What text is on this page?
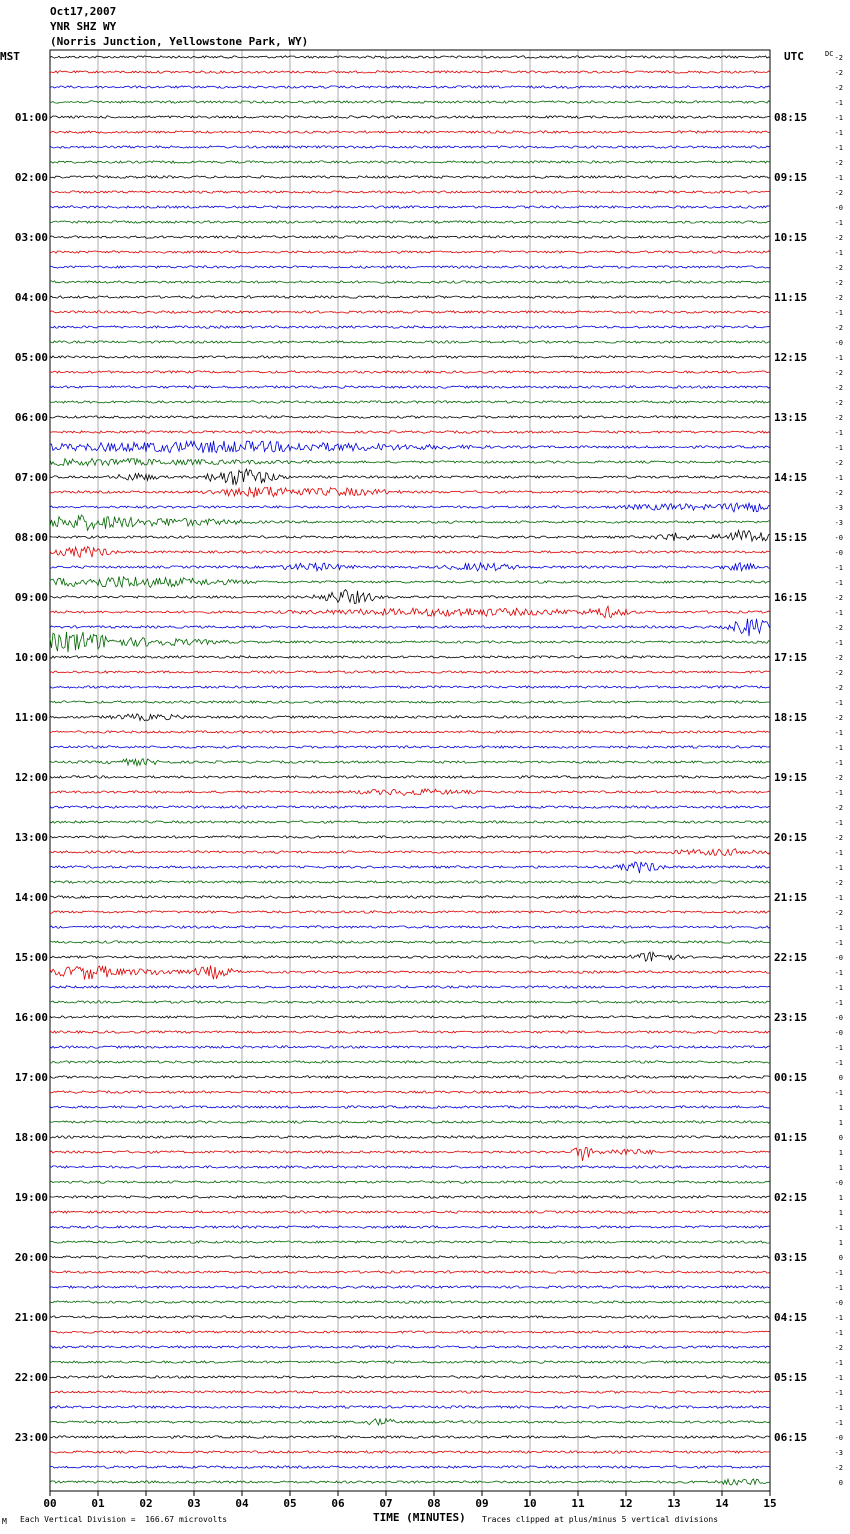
Oct17,2007
YNR SHZ WY
(Norris Junction, Yellowstone Park, WY)
MST	UTC	DC -2
-2
-2
-1
-1
-1
-1
-2
-1
-2
-0
-1
-2
-1
-2
-2
-2
-1
-2
-0
-1
-2
-2
-2
-2
-1
-1
-2
-1
-2
-3
-3
-0
-0
-1
-1
-2
-1
-2
-1
-2
-2
-2
-1
-2
-1
-1
-1
-2
-1
-2
-1
-2
-1
-1
-2
-1
-2
-1
-1
-0
-1
-1
-1
-0
-0
-1
-1
0
-1
1
1
0
1
1
-0
1
1
-1
1
0
-1
-1
-0
-1
-1
-2
-1
-1
-1
-1
-1
-0
-3
-2
0
01:00
02:00
03:00
04:00
05:00
06:00
07:00
08:00
09:00
10:00
11:00
12:00
13:00
14:00
15:00
16:00
17:00
18:00
19:00
20:00
21:00
22:00
23:00
08:15
09:15
10:15
11:15
12:15
13:15
14:15
15:15
16:15
17:15
18:15
19:15
20:15
21:15
22:15
23:15
00:15
01:15
02:15
03:15
04:15
05:15
06:15
00	01	02	03	04	05	06	07	08	09	10	11	12	13	14	15
M Each Vertical Division =  166.67 microvolts	TIME (MINUTES) Traces clipped at plus/minus 5 vertical divisions
